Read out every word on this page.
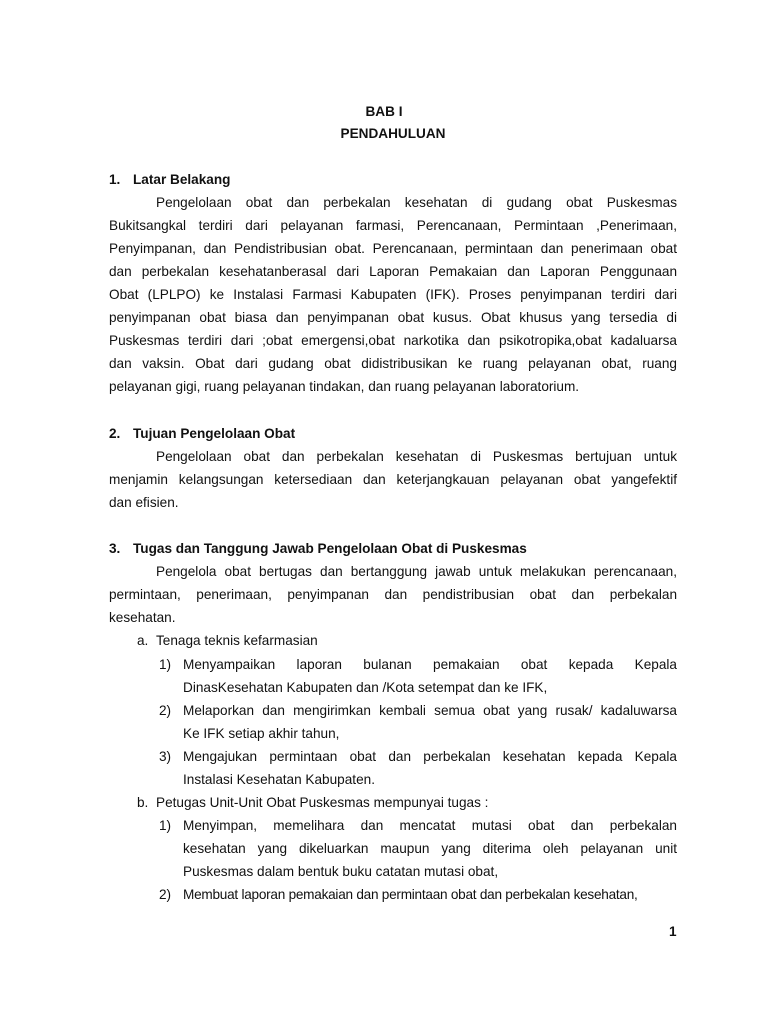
BAB I
PENDAHULUAN
1. Latar Belakang
Pengelolaan obat dan perbekalan kesehatan di gudang obat Puskesmas
Bukitsangkal terdiri dari pelayanan farmasi, Perencanaan, Permintaan ,Penerimaan,
Penyimpanan, dan Pendistribusian obat. Perencanaan, permintaan dan penerimaan obat
dan perbekalan kesehatanberasal dari Laporan Pemakaian dan Laporan Penggunaan
Obat (LPLPO) ke Instalasi Farmasi Kabupaten (IFK). Proses penyimpanan terdiri dari
penyimpanan obat biasa dan penyimpanan obat kusus. Obat khusus yang tersedia di
Puskesmas terdiri dari ;obat emergensi,obat narkotika dan psikotropika,obat kadaluarsa
dan vaksin. Obat dari gudang obat didistribusikan ke ruang pelayanan obat, ruang
pelayanan gigi, ruang pelayanan tindakan, dan ruang pelayanan laboratorium.
2. Tujuan Pengelolaan Obat
Pengelolaan obat dan perbekalan kesehatan di Puskesmas bertujuan untuk
menjamin kelangsungan ketersediaan dan keterjangkauan pelayanan obat yangefektif
dan efisien.
3. Tugas dan Tanggung Jawab Pengelolaan Obat di Puskesmas
Pengelola obat bertugas dan bertanggung jawab untuk melakukan perencanaan,
permintaan, penerimaan, penyimpanan dan pendistribusian obat dan perbekalan
kesehatan.
a. Tenaga teknis kefarmasian
1) Menyampaikan laporan bulanan pemakaian obat kepada Kepala
DinasKesehatan Kabupaten dan /Kota setempat dan ke IFK,
2) Melaporkan dan mengirimkan kembali semua obat yang rusak/ kadaluwarsa
Ke IFK setiap akhir tahun,
3) Mengajukan permintaan obat dan perbekalan kesehatan kepada Kepala
Instalasi Kesehatan Kabupaten.
b. Petugas Unit-Unit Obat Puskesmas mempunyai tugas :
1) Menyimpan, memelihara dan mencatat mutasi obat dan perbekalan
kesehatan yang dikeluarkan maupun yang diterima oleh pelayanan unit
Puskesmas dalam bentuk buku catatan mutasi obat,
2) Membuat laporan pemakaian dan permintaan obat dan perbekalan kesehatan,
1
